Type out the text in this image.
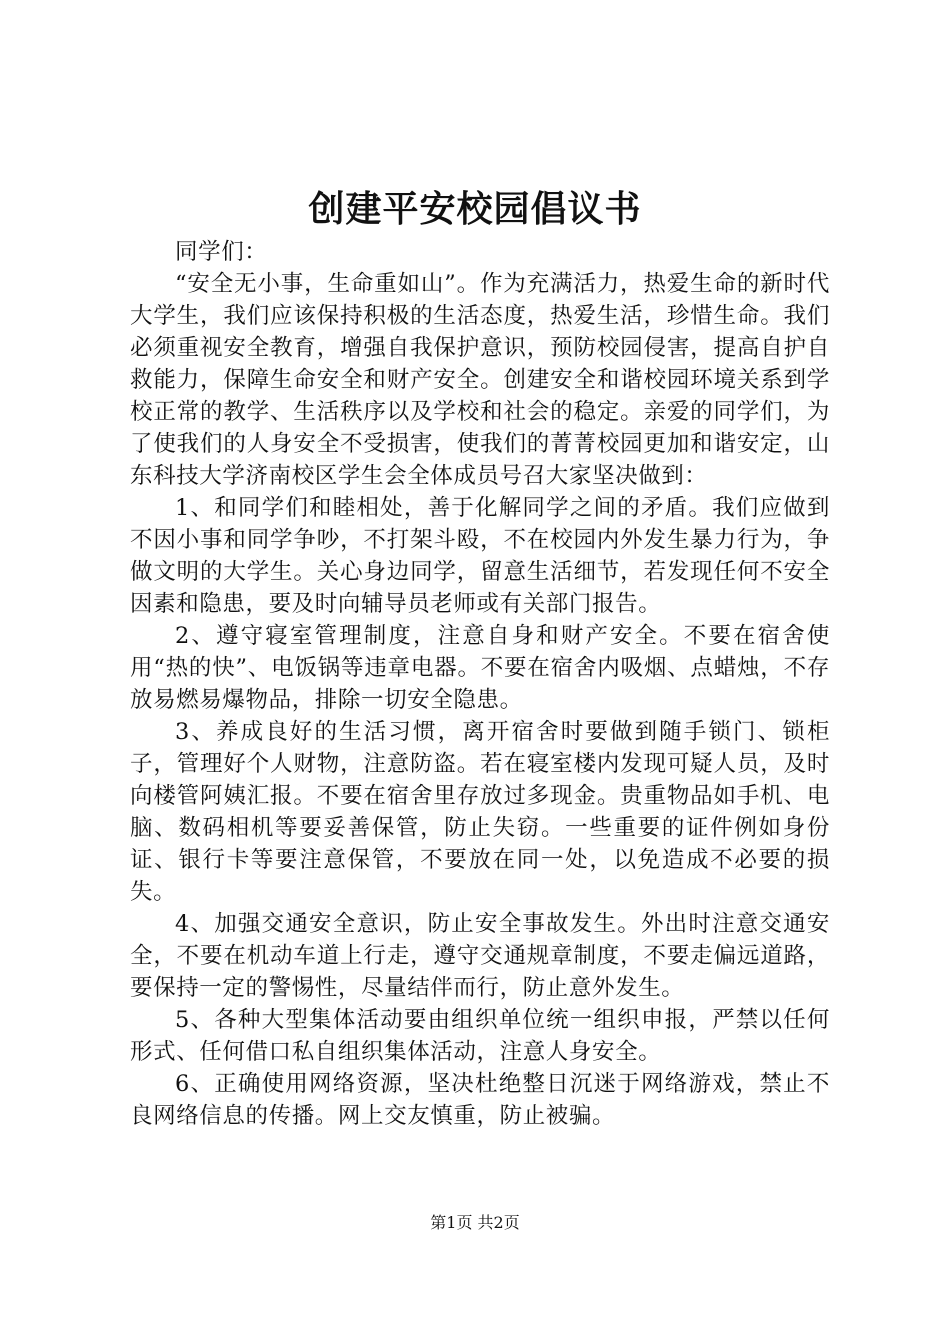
创建平安校园倡议书

同学们：

“安全无小事，生命重如山”。作为充满活力，热爱生命的新时代大学生，我们应该保持积极的生活态度，热爱生活，珍惜生命。我们必须重视安全教育，增强自我保护意识，预防校园侵害，提高自护自救能力，保障生命安全和财产安全。创建安全和谐校园环境关系到学校正常的教学、生活秩序以及学校和社会的稳定。亲爱的同学们，为了使我们的人身安全不受损害，使我们的菁菁校园更加和谐安定，山东科技大学济南校区学生会全体成员号召大家坚决做到：

1、和同学们和睦相处，善于化解同学之间的矛盾。我们应做到不因小事和同学争吵，不打架斗殴，不在校园内外发生暴力行为，争做文明的大学生。关心身边同学，留意生活细节，若发现任何不安全因素和隐患，要及时向辅导员老师或有关部门报告。

2、遵守寝室管理制度，注意自身和财产安全。不要在宿舍使用“热的快”、电饭锅等违章电器。不要在宿舍内吸烟、点蜡烛，不存放易燃易爆物品，排除一切安全隐患。

3、养成良好的生活习惯，离开宿舍时要做到随手锁门、锁柜子，管理好个人财物，注意防盗。若在寝室楼内发现可疑人员，及时向楼管阿姨汇报。不要在宿舍里存放过多现金。贵重物品如手机、电脑、数码相机等要妥善保管，防止失窃。一些重要的证件例如身份证、银行卡等要注意保管，不要放在同一处，以免造成不必要的损失。

4、加强交通安全意识，防止安全事故发生。外出时注意交通安全，不要在机动车道上行走，遵守交通规章制度，不要走偏远道路，要保持一定的警惕性，尽量结伴而行，防止意外发生。

5、各种大型集体活动要由组织单位统一组织申报，严禁以任何形式、任何借口私自组织集体活动，注意人身安全。

6、正确使用网络资源，坚决杜绝整日沉迷于网络游戏，禁止不良网络信息的传播。网上交友慎重，防止被骗。

第1页 共2页
